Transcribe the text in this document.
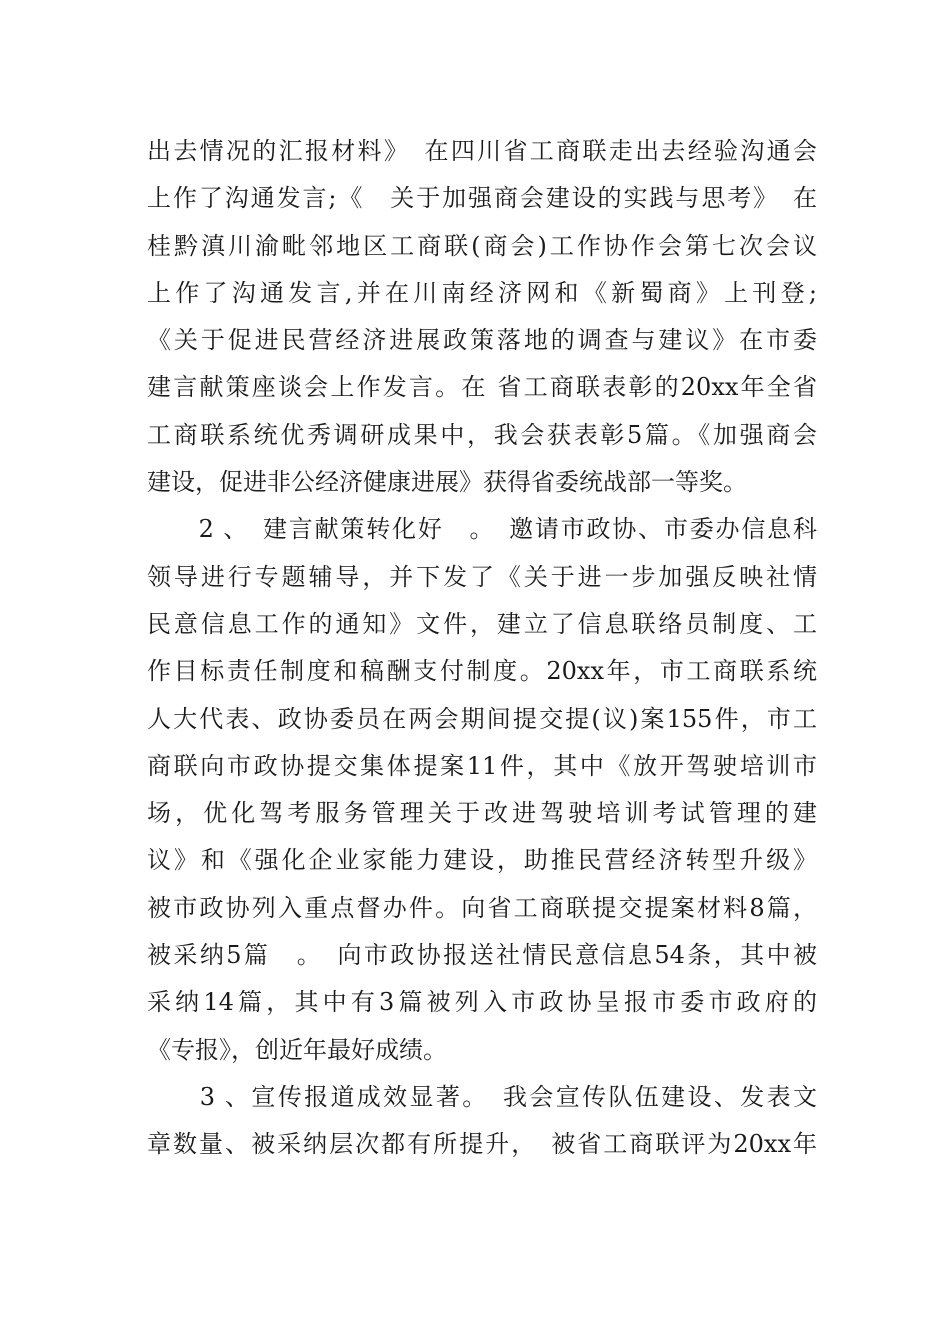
出去情况的汇报材料》　在四川省工商联走出去经验沟通会
上作了沟通发言;《　关于加强商会建设的实践与思考》　在
桂黔滇川渝毗邻地区工商联(商会)工作协作会第七次会议
上作了沟通发言,并在川南经济网和《新蜀商》上刊登;
《关于促进民营经济进展政策落地的调查与建议》在市委
建言献策座谈会上作发言。在 省工商联表彰的20xx年全省
工商联系统优秀调研成果中，我会获表彰5篇。《加强商会
建设，促进非公经济健康进展》获得省委统战部一等奖。
　　2 、　建言献策转化好　。　邀请市政协、市委办信息科
领导进行专题辅导，并下发了《关于进一步加强反映社情
民意信息工作的通知》文件，建立了信息联络员制度、工
作目标责任制度和稿酬支付制度。20xx年，市工商联系统
人大代表、政协委员在两会期间提交提(议)案155件，市工
商联向市政协提交集体提案11件，其中《放开驾驶培训市
场，优化驾考服务管理关于改进驾驶培训考试管理的建
议》和《强化企业家能力建设，助推民营经济转型升级》
被市政协列入重点督办件。向省工商联提交提案材料8篇，
被采纳5篇　。　向市政协报送社情民意信息54条，其中被
采纳14篇，其中有3篇被列入市政协呈报市委市政府的
《专报》，创近年最好成绩。
　　3 、宣传报道成效显著。　我会宣传队伍建设、发表文
章数量、被采纳层次都有所提升，　被省工商联评为20xx年
